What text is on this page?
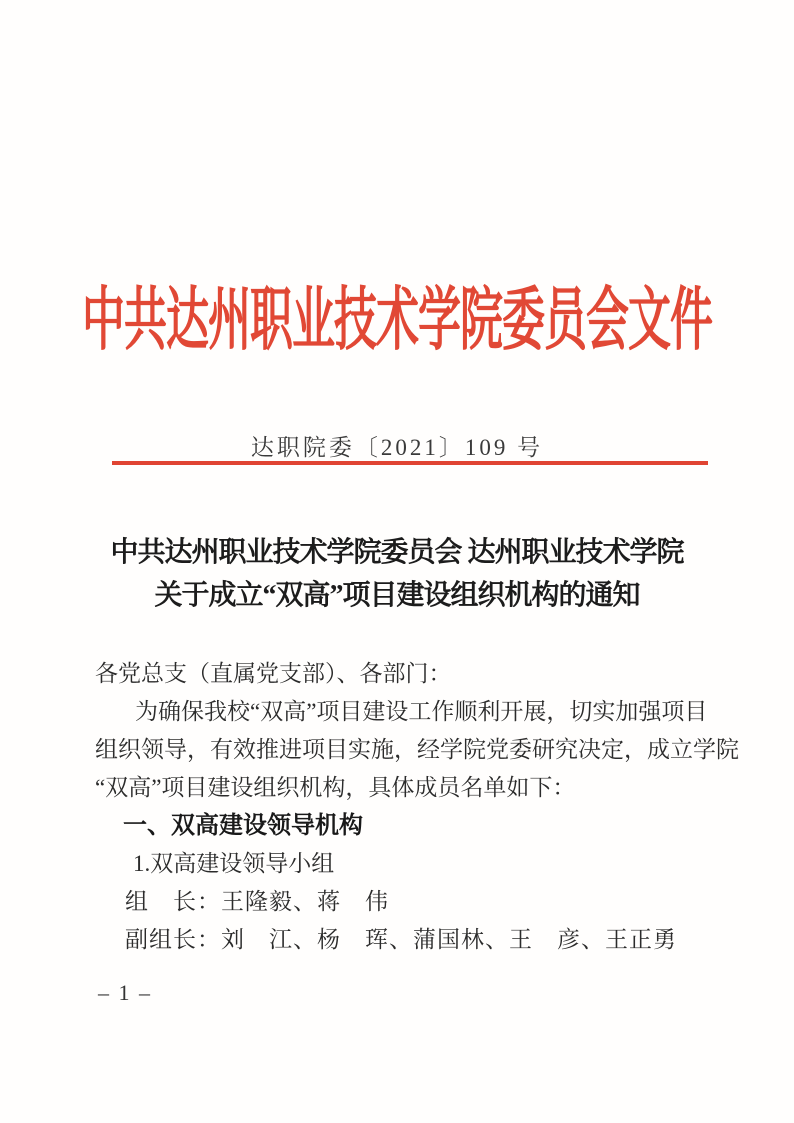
中共达州职业技术学院委员会文件
达职院委〔2021〕109 号
中共达州职业技术学院委员会 达州职业技术学院
关于成立“双高”项目建设组织机构的通知
各党总支（直属党支部）、各部门：
为确保我校“双高”项目建设工作顺利开展，切实加强项目
组织领导，有效推进项目实施，经学院党委研究决定，成立学院
“双高”项目建设组织机构，具体成员名单如下：
一、双高建设领导机构
1.双高建设领导小组
组　长：王隆毅、蒋　伟
副组长：刘　江、杨　珲、蒲国林、王　彦、王正勇
– 1 –
